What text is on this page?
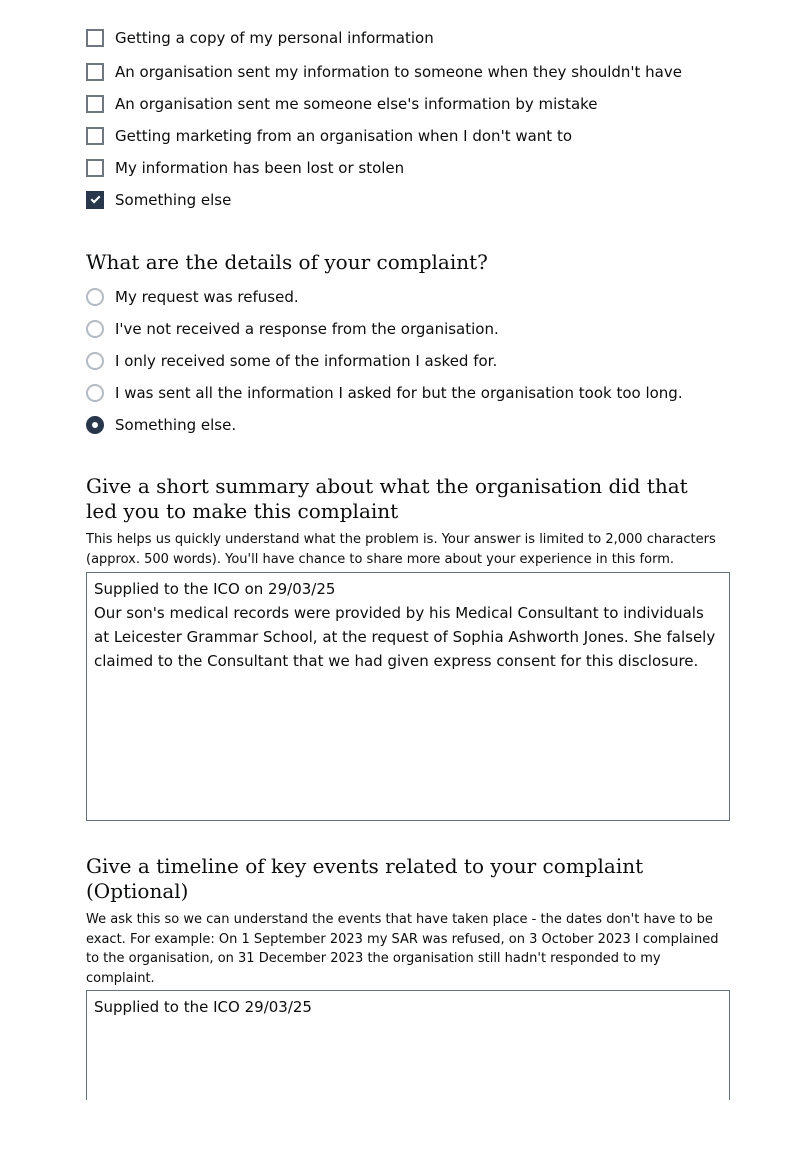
Getting a copy of my personal information
An organisation sent my information to someone when they shouldn't have
An organisation sent me someone else's information by mistake
Getting marketing from an organisation when I don't want to
My information has been lost or stolen
Something else
What are the details of your complaint?
My request was refused.
I've not received a response from the organisation.
I only received some of the information I asked for.
I was sent all the information I asked for but the organisation took too long.
Something else.
Give a short summary about what the organisation did that led you to make this complaint

This helps us quickly understand what the problem is. Your answer is limited to 2,000 characters (approx. 500 words). You'll have chance to share more about your experience in this form.

Supplied to the ICO on 29/03/25 Our son's medical records were provided by his Medical Consultant to individuals at Leicester Grammar School, at the request of Sophia Ashworth Jones. She falsely claimed to the Consultant that we had given express consent for this disclosure.
Give a timeline of key events related to your complaint (Optional)

We ask this so we can understand the events that have taken place - the dates don't have to be exact. For example: On 1 September 2023 my SAR was refused, on 3 October 2023 I complained to the organisation, on 31 December 2023 the organisation still hadn't responded to my complaint.

Supplied to the ICO 29/03/25
